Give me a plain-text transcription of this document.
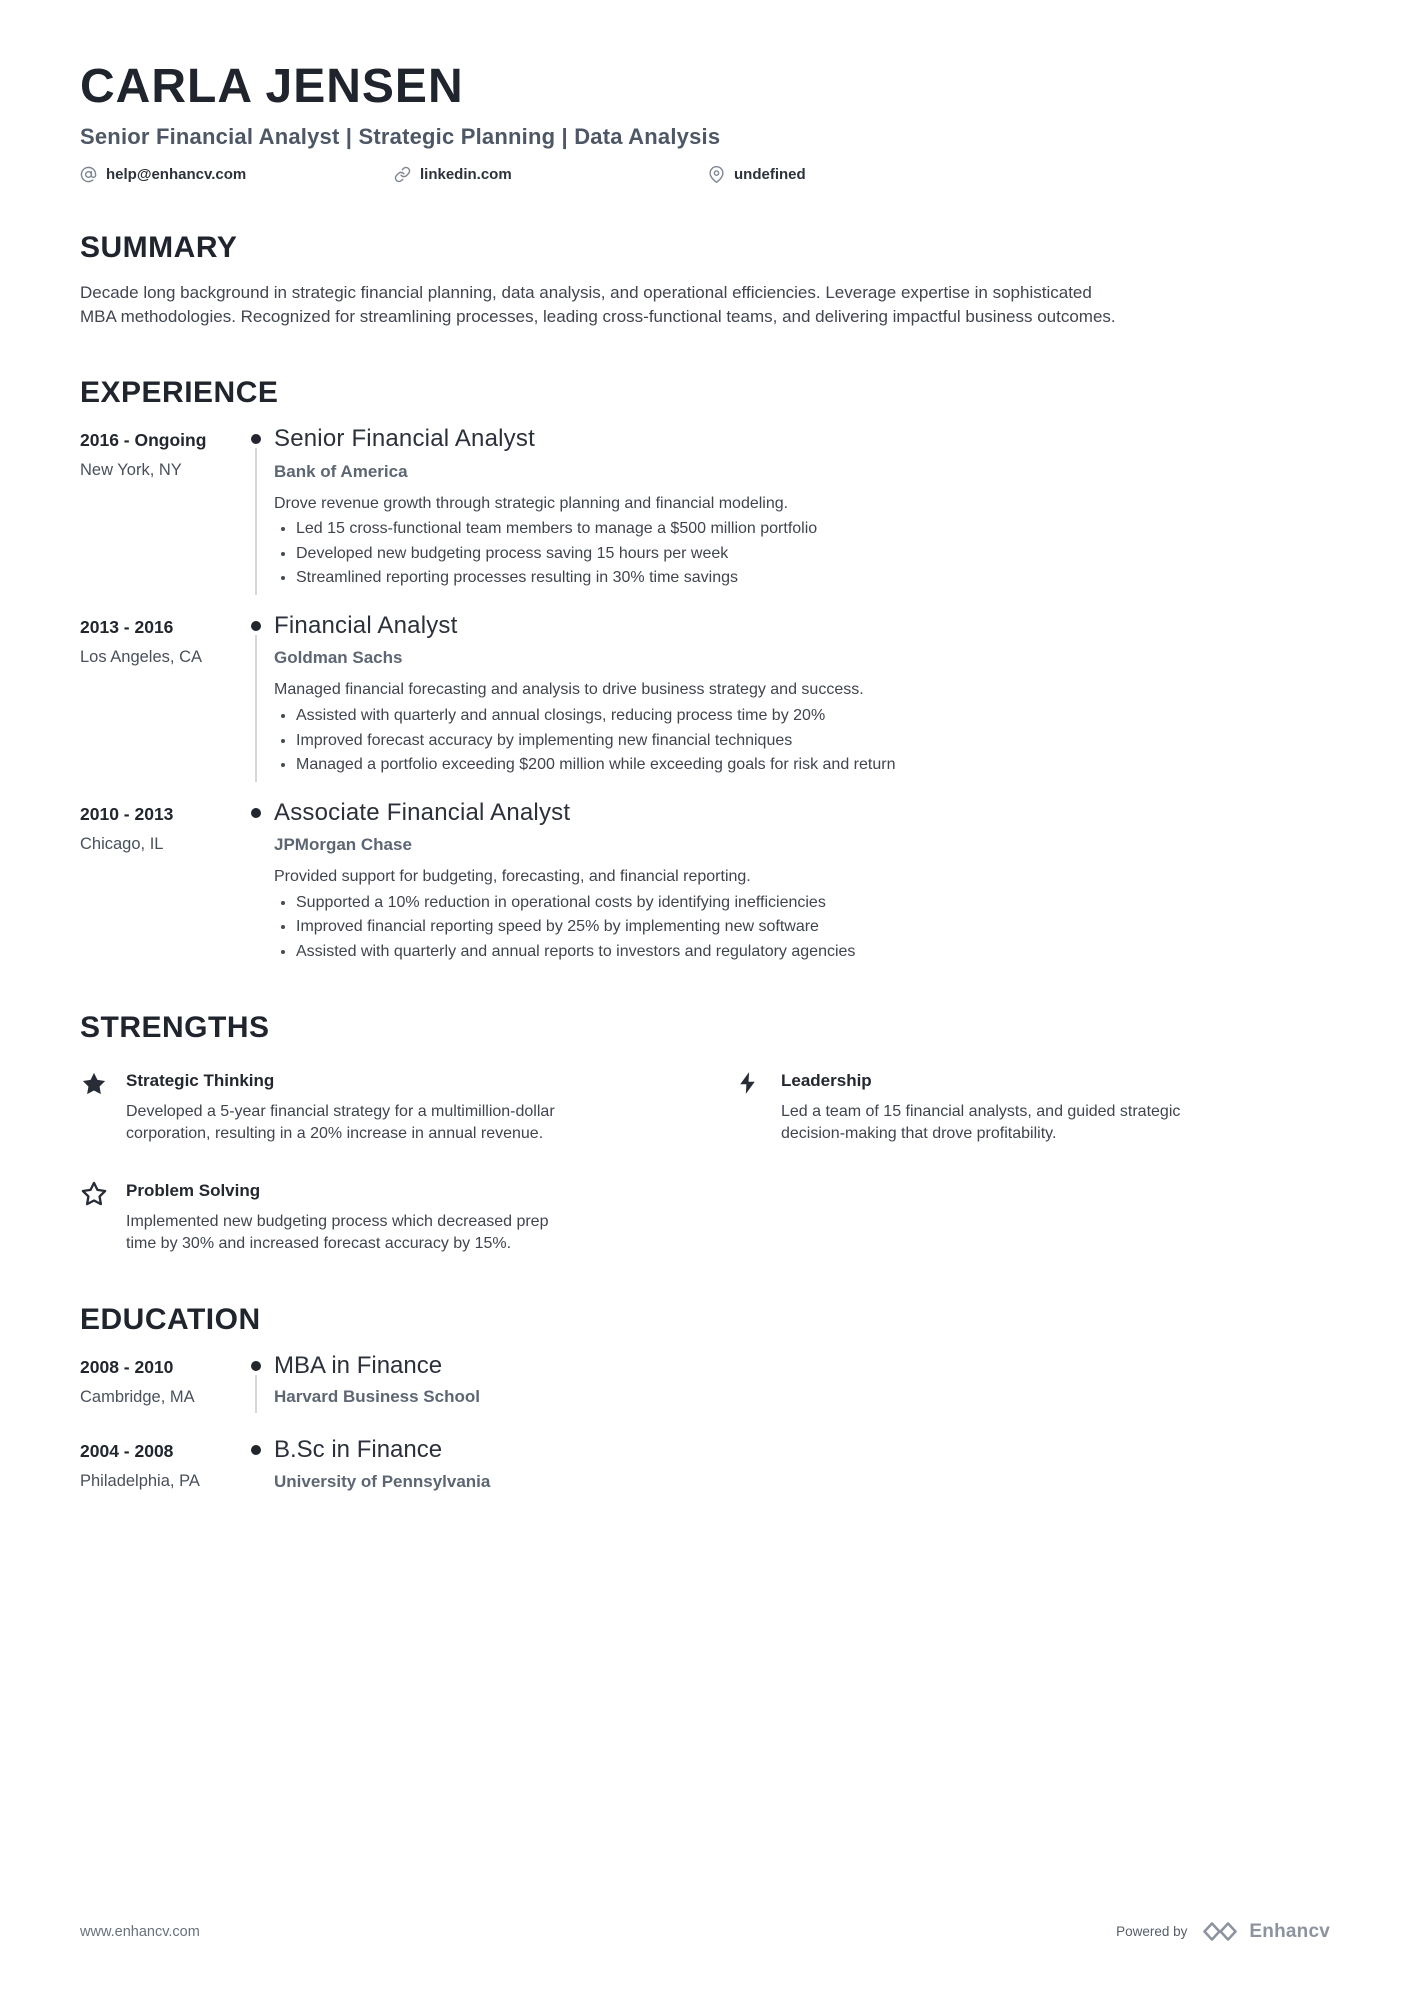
CARLA JENSEN
Senior Financial Analyst | Strategic Planning | Data Analysis
help@enhancv.com	linkedin.com	undefined
SUMMARY

Decade long background in strategic financial planning, data analysis, and operational efficiencies. Leverage expertise in sophisticated MBA methodologies. Recognized for streamlining processes, leading cross-functional teams, and delivering impactful business outcomes.

EXPERIENCE
2016 - Ongoing
New York, NY
Senior Financial Analyst
Bank of America

Drove revenue growth through strategic planning and financial modeling.

Led 15 cross-functional team members to manage a $500 million portfolio
Developed new budgeting process saving 15 hours per week
Streamlined reporting processes resulting in 30% time savings
2013 - 2016
Los Angeles, CA
Financial Analyst
Goldman Sachs

Managed financial forecasting and analysis to drive business strategy and success.

Assisted with quarterly and annual closings, reducing process time by 20%
Improved forecast accuracy by implementing new financial techniques
Managed a portfolio exceeding $200 million while exceeding goals for risk and return
2010 - 2013
Chicago, IL
Associate Financial Analyst
JPMorgan Chase

Provided support for budgeting, forecasting, and financial reporting.

Supported a 10% reduction in operational costs by identifying inefficiencies
Improved financial reporting speed by 25% by implementing new software
Assisted with quarterly and annual reports to investors and regulatory agencies
STRENGTHS
Strategic Thinking

Developed a 5-year financial strategy for a multimillion-dollar corporation, resulting in a 20% increase in annual revenue.

Leadership

Led a team of 15 financial analysts, and guided strategic decision-making that drove profitability.

Problem Solving

Implemented new budgeting process which decreased prep time by 30% and increased forecast accuracy by 15%.

EDUCATION
2008 - 2010
Cambridge, MA
MBA in Finance
Harvard Business School
2004 - 2008
Philadelphia, PA
B.Sc in Finance
University of Pennsylvania
www.enhancv.com	Powered by	Enhancv
